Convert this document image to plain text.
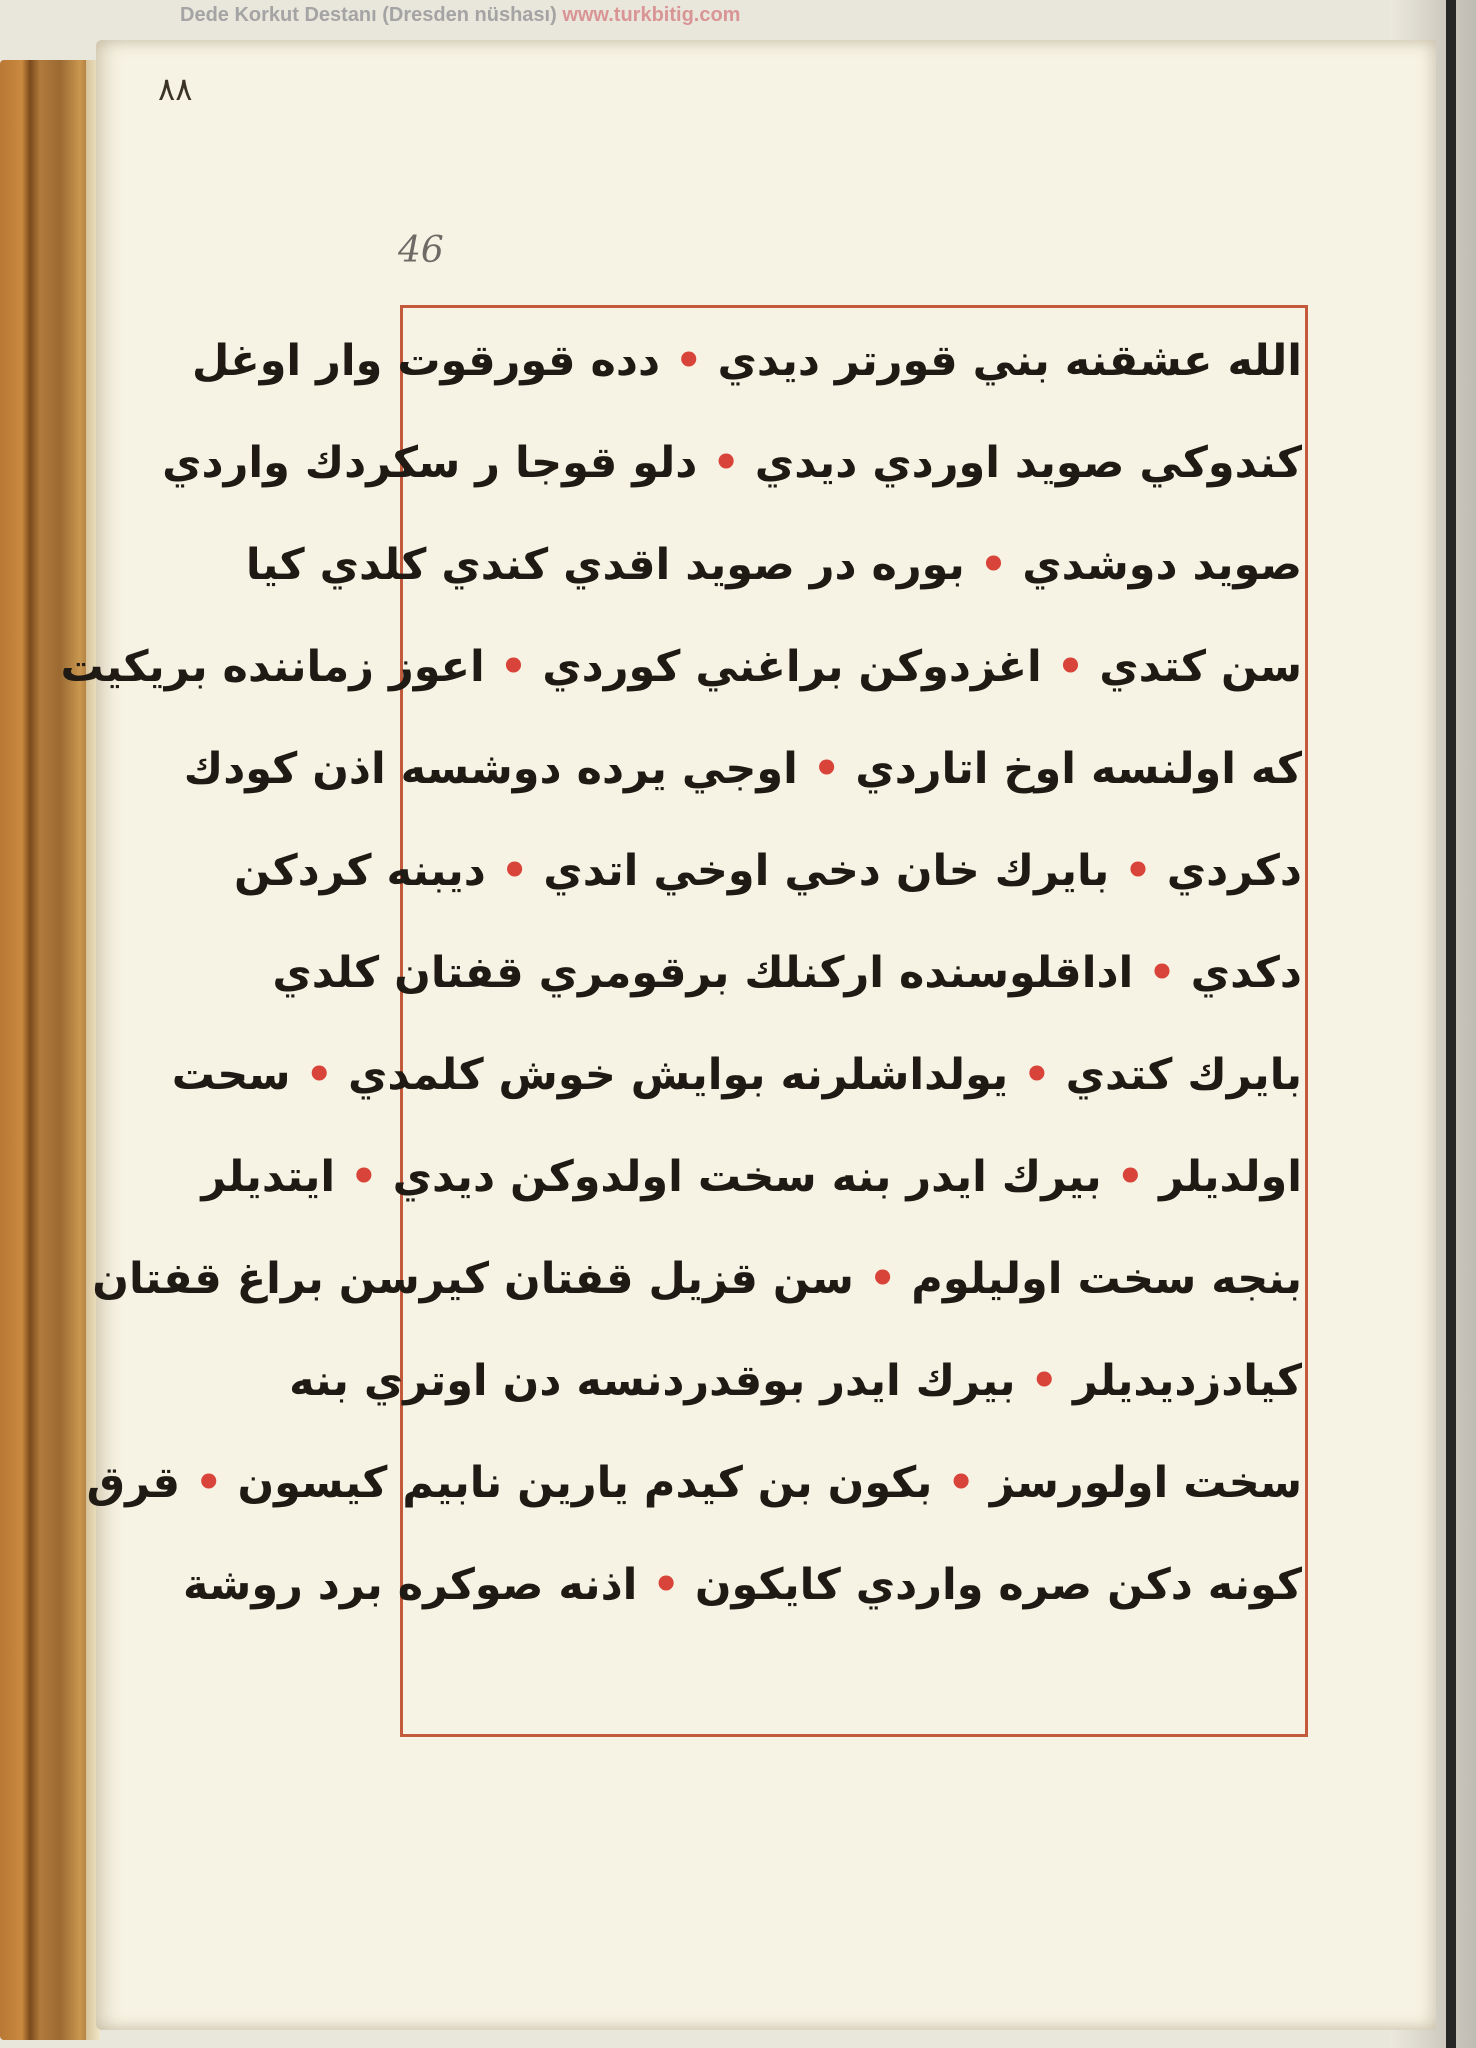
Dede Korkut Destanı (Dresden nüshası) www.turkbitig.com
٨٨
46
الله عشقنه بني قورتر ديدي • دده قورقوت وار اوغل
كندوكي صويد اوردي ديدي • دلو قوجا ر سكردك واردي
صويد دوشدي • بوره در صويد اقدي كندي كلدي كيا
سن كتدي • اغزدوكن براغني كوردي • اعوز زماننده بريكيت
كه اولنسه اوخ اتاردي • اوجي يرده دوشسه اذن كودك
دكردي • بايرك خان دخي اوخي اتدي • ديبنه كردكن
دكدي • اداقلوسنده اركنلك برقومري قفتان كلدي
بايرك كتدي • يولداشلرنه بوايش خوش كلمدي • سحت
اولديلر • بيرك ايدر بنه سخت اولدوكن ديدي • ايتديلر
بنجه سخت اوليلوم • سن قزيل قفتان كيرسن براغ قفتان
كيادزديديلر • بيرك ايدر بوقدردنسه دن اوتري بنه
سخت اولورسز • بكون بن كيدم يارين نابيم كيسون • قرق
كونه دكن صره واردي كايكون • اذنه صوكره برد روشة
